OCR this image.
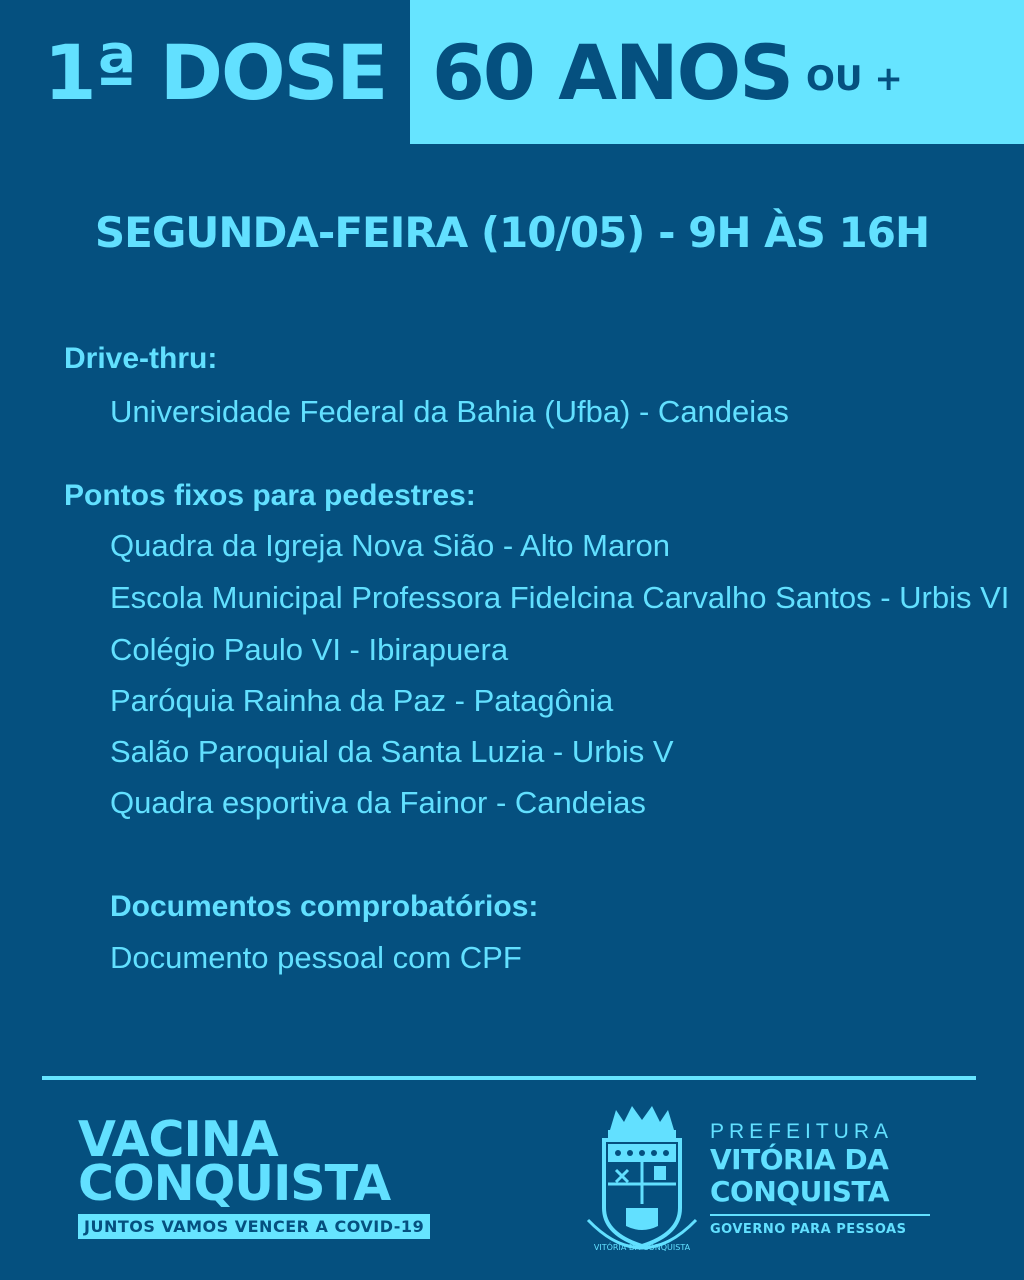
1ª DOSE 60 ANOS OU +
SEGUNDA-FEIRA (10/05) - 9H ÀS 16H
Drive-thru:
Universidade Federal da Bahia (Ufba) - Candeias
Pontos fixos para pedestres:
Quadra da Igreja Nova Sião - Alto Maron
Escola Municipal Professora Fidelcina Carvalho Santos - Urbis VI
Colégio Paulo VI - Ibirapuera
Paróquia Rainha da Paz - Patagônia
Salão Paroquial da Santa Luzia - Urbis V
Quadra esportiva da Fainor - Candeias
Documentos comprobatórios:
Documento pessoal com CPF
VACINA
CONQUISTA
JUNTOS VAMOS VENCER A COVID-19
VITÓRIA DA CONQUISTA
PREFEITURA
VITÓRIA DA
CONQUISTA
GOVERNO PARA PESSOAS
